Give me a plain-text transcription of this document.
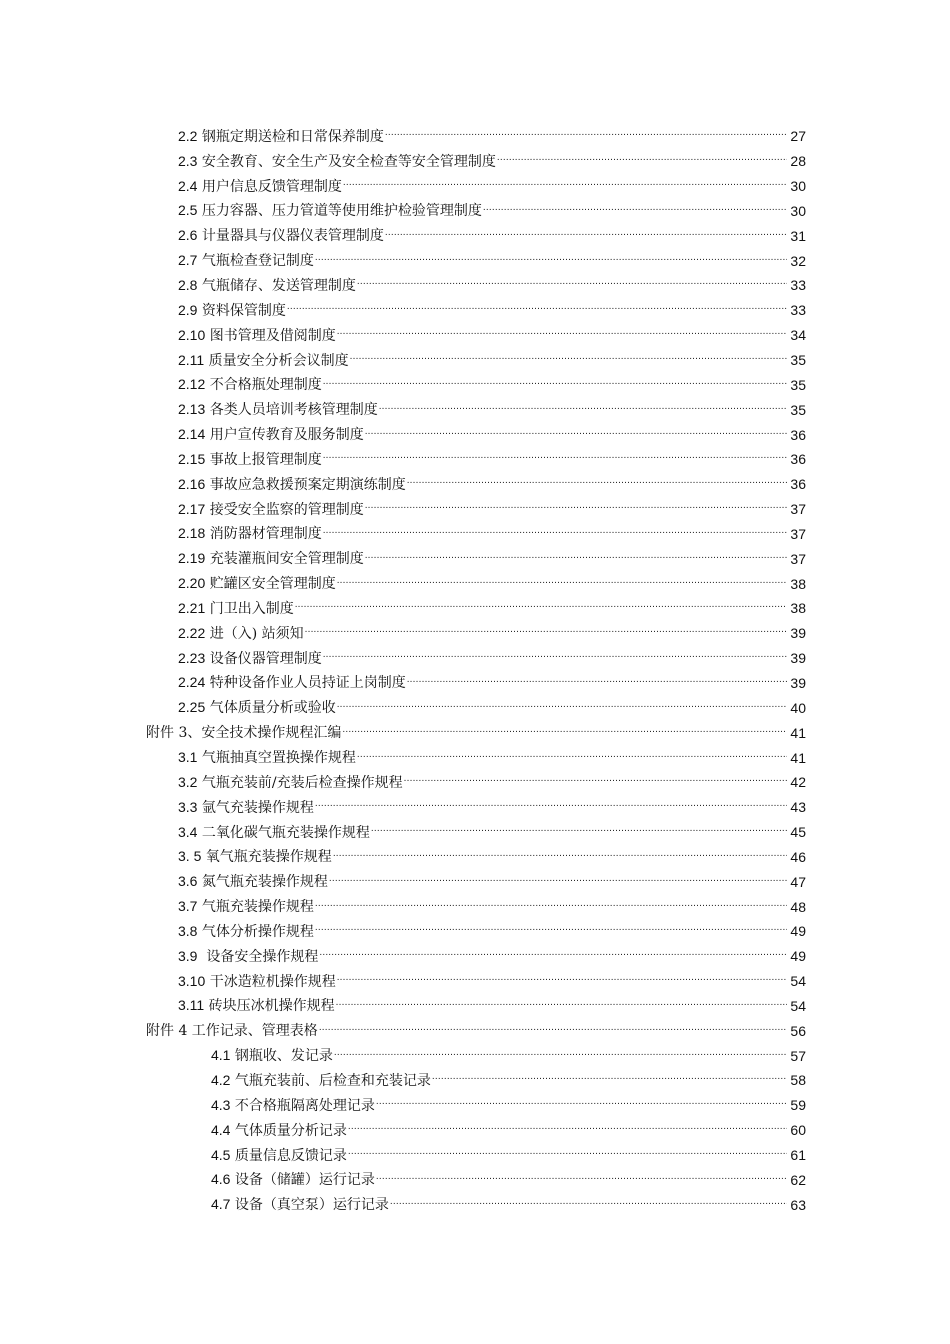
2.2 钢瓶定期送检和日常保养制度 .....	27
2.3 安全教育、安全生产及安全检查等安全管理制度 .....	28
2.4 用户信息反馈管理制度 .....	30
2.5 压力容器、压力管道等使用维护检验管理制度 .....	30
2.6 计量器具与仪器仪表管理制度 .....	31
2.7 气瓶检查登记制度 .....	32
2.8 气瓶储存、发送管理制度 .....	33
2.9 资料保管制度 .....	33
2.10 图书管理及借阅制度 .....	34
2.11 质量安全分析会议制度 .....	35
2.12 不合格瓶处理制度 .....	35
2.13 各类人员培训考核管理制度 .....	35
2.14 用户宣传教育及服务制度 .....	36
2.15 事故上报管理制度 .....	36
2.16 事故应急救援预案定期演练制度 .....	36
2.17 接受安全监察的管理制度 .....	37
2.18 消防器材管理制度 .....	37
2.19 充装灌瓶间安全管理制度 .....	37
2.20 贮罐区安全管理制度 .....	38
2.21 门卫出入制度 .....	38
2.22 进（入) 站须知 .....	39
2.23 设备仪器管理制度 .....	39
2.24 特种设备作业人员持证上岗制度 .....	39
2.25 气体质量分析或验收 .....	40
附件 3、安全技术操作规程汇编 .....	41
3.1 气瓶抽真空置换操作规程 .....	41
3.2 气瓶充装前/充装后检查操作规程 .....	42
3.3 氩气充装操作规程 .....	43
3.4 二氧化碳气瓶充装操作规程 .....	45
3. 5 氧气瓶充装操作规程 .....	46
3.6 氮气瓶充装操作规程 .....	47
3.7 气瓶充装操作规程 .....	48
3.8 气体分析操作规程 .....	49
3.9  设备安全操作规程 .....	49
3.10 干冰造粒机操作规程 .....	54
3.11 砖块压冰机操作规程 .....	54
附件 4 工作记录、管理表格 .....	56
4.1 钢瓶收、发记录 .....	57
4.2 气瓶充装前、后检查和充装记录 .....	58
4.3 不合格瓶隔离处理记录 .....	59
4.4 气体质量分析记录 .....	60
4.5 质量信息反馈记录 .....	61
4.6 设备（储罐）运行记录 .....	62
4.7 设备（真空泵）运行记录 .....	63
